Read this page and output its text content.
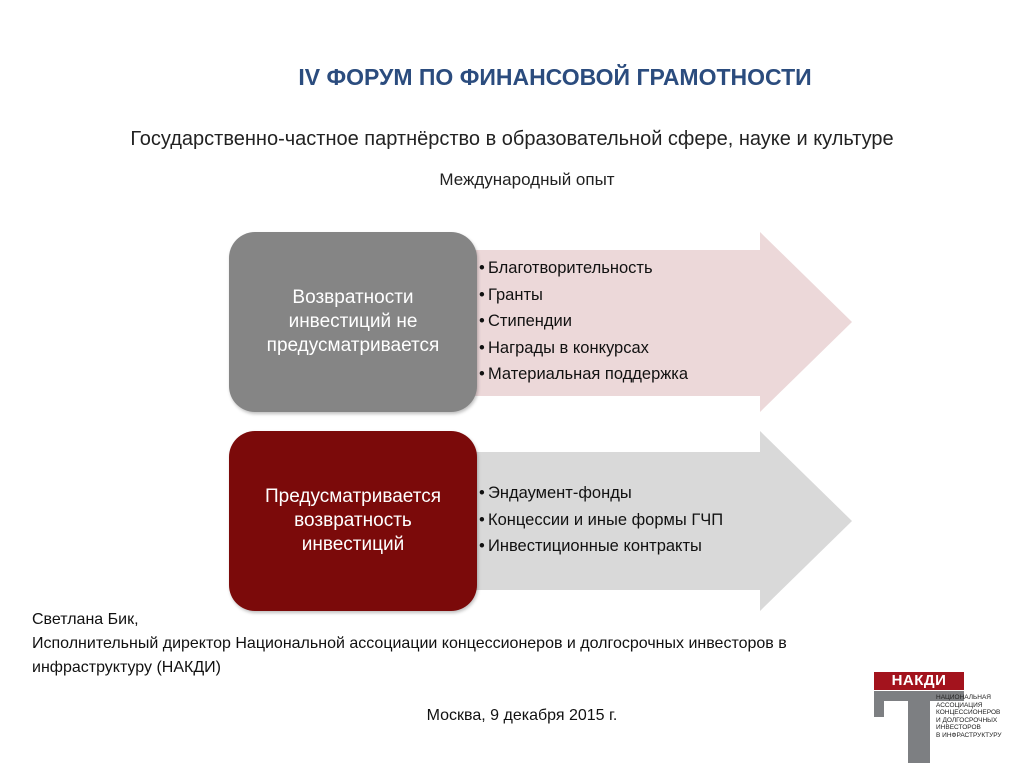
IV ФОРУМ ПО ФИНАНСОВОЙ ГРАМОТНОСТИ
Государственно-частное партнёрство в образовательной сфере, науке и культуре
Международный опыт
Возвратности
инвестиций не
предусматривается
• Благотворительность
• Гранты
• Стипендии
• Награды в конкурсах
• Материальная поддержка
Предусматривается
возвратность
инвестиций
• Эндаумент-фонды
• Концессии и иные формы ГЧП
• Инвестиционные контракты
Светлана Бик,
Исполнительный директор Национальной ассоциации концессионеров и долгосрочных инвесторов в
инфраструктуру (НАКДИ)
Москва, 9 декабря 2015 г.
НАКДИ
НАЦИОНАЛЬНАЯ
АССОЦИАЦИЯ
КОНЦЕССИОНЕРОВ
И ДОЛГОСРОЧНЫХ
ИНВЕСТОРОВ
В ИНФРАСТРУКТУРУ
